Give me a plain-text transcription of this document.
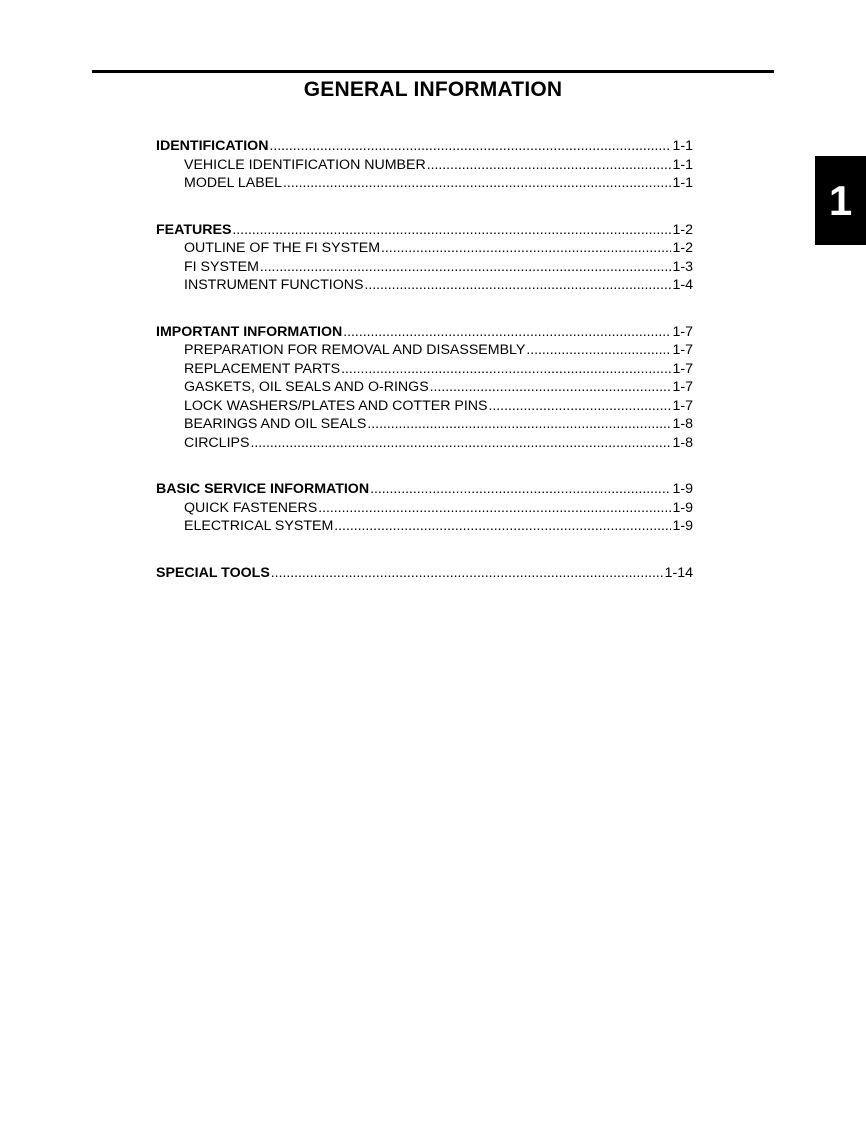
GENERAL INFORMATION
1
IDENTIFICATION .....	1-1
VEHICLE IDENTIFICATION NUMBER .....	1-1
MODEL LABEL .....	1-1
FEATURES .....	1-2
OUTLINE OF THE FI SYSTEM .....	1-2
FI SYSTEM .....	1-3
INSTRUMENT FUNCTIONS .....	1-4
IMPORTANT INFORMATION .....	1-7
PREPARATION FOR REMOVAL AND DISASSEMBLY .....	1-7
REPLACEMENT PARTS .....	1-7
GASKETS, OIL SEALS AND O-RINGS .....	1-7
LOCK WASHERS/PLATES AND COTTER PINS .....	1-7
BEARINGS AND OIL SEALS .....	1-8
CIRCLIPS .....	1-8
BASIC SERVICE INFORMATION .....	1-9
QUICK FASTENERS .....	1-9
ELECTRICAL SYSTEM .....	1-9
SPECIAL TOOLS .....	1-14
